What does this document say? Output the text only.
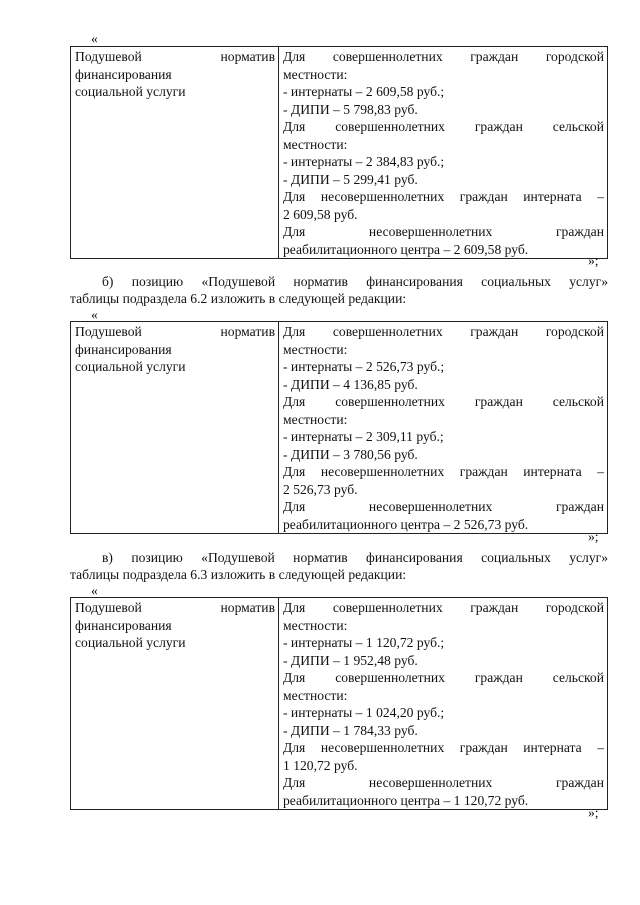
«
Подушевой норматив
финансирования
социальной услуги

Для совершеннолетних граждан городской
местности:
- интернаты – 2 609,58 руб.;
- ДИПИ – 5 798,83 руб.
Для совершеннолетних граждан сельской
местности:
- интернаты – 2 384,83 руб.;
- ДИПИ – 5 299,41 руб.
Для несовершеннолетних граждан интерната –
2 609,58 руб.
Для несовершеннолетних граждан
реабилитационного центра – 2 609,58 руб.
»;
б) позицию «Подушевой норматив финансирования социальных услуг»
таблицы подраздела 6.2 изложить в следующей редакции:
«
Подушевой норматив
финансирования
социальной услуги

Для совершеннолетних граждан городской
местности:
- интернаты – 2 526,73 руб.;
- ДИПИ – 4 136,85 руб.
Для совершеннолетних граждан сельской
местности:
- интернаты – 2 309,11 руб.;
- ДИПИ – 3 780,56 руб.
Для несовершеннолетних граждан интерната –
2 526,73 руб.
Для несовершеннолетних граждан
реабилитационного центра – 2 526,73 руб.
»;
в) позицию «Подушевой норматив финансирования социальных услуг»
таблицы подраздела 6.3 изложить в следующей редакции:
«
Подушевой норматив
финансирования
социальной услуги

Для совершеннолетних граждан городской
местности:
- интернаты – 1 120,72 руб.;
- ДИПИ – 1 952,48 руб.
Для совершеннолетних граждан сельской
местности:
- интернаты – 1 024,20 руб.;
- ДИПИ – 1 784,33 руб.
Для несовершеннолетних граждан интерната –
1 120,72 руб.
Для несовершеннолетних граждан
реабилитационного центра – 1 120,72 руб.
»;
